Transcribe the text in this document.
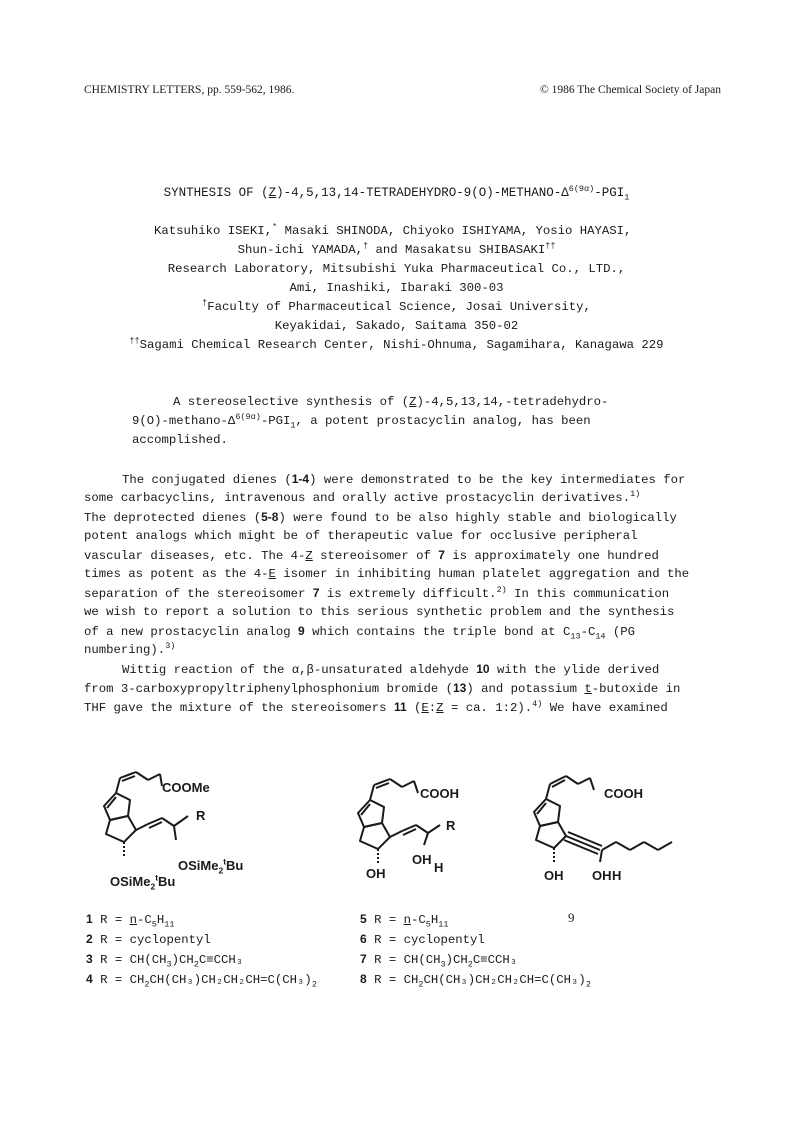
CHEMISTRY LETTERS, pp. 559-562, 1986.	© 1986 The Chemical Society of Japan
SYNTHESIS OF $(Z)-4,5,13,14-TETRADEHYDRO-9(O)-METHANO-\Delta^{6(9\alpha)}-PGI_1$
Katsuhiko ISEKI,* Masaki SHINODA, Chiyoko ISHIYAMA, Yosio HAYASI,
Shun-ichi YAMADA,† and Masakatsu SHIBASAKI††
Research Laboratory, Mitsubishi Yuka Pharmaceutical Co., LTD.,
Ami, Inashiki, Ibaraki 300-03
†Faculty of Pharmaceutical Science, Josai University,
Keyakidai, Sakado, Saitama 350-02
††Sagami Chemical Research Center, Nishi-Ohnuma, Sagamihara, Kanagawa 229
A stereoselective synthesis of (Z)-4,5,13,14,-tetradehydro-
$9(O)-methano-\Delta^{6(9\alpha)}-PGI_1$, a potent prostacyclin analog, has been
accomplished.
The conjugated dienes (1-4) were demonstrated to be the key intermediates for
some carbacyclins, intravenous and orally active prostacyclin derivatives.$^{1)}$
The deprotected dienes (5-8) were found to be also highly stable and biologically
potent analogs which might be of therapeutic value for occlusive peripheral
vascular diseases, etc. The 4-Z stereoisomer of 7 is approximately one hundred
times as potent as the 4-E isomer in inhibiting human platelet aggregation and the
separation of the stereoisomer 7 is extremely difficult.$^{2)}$ In this communication
we wish to report a solution to this serious synthetic problem and the synthesis
of a new prostacyclin analog 9 which contains the triple bond at $C_{13}-C_{14}$ (PG
numbering).$^{3)}$
Wittig reaction of the α,β-unsaturated aldehyde 10 with the ylide derived
from 3-carboxypropyltriphenylphosphonium bromide (13) and potassium t-butoxide in
THF gave the mixture of the stereoisomers 11 (E:Z = ca. 1:2).$^{4)}$ We have examined
COOMe
R
OSiMe$_2^t$Bu
OSiMe$_2^t$Bu
COOH
R
OH
H
OH
COOH
OH H
OH
9
1 $R = n-C_5H_{11}$
2 R = cyclopentyl
3 $R = CH(CH_3)CH_2C\equiv CCH_3$
4 $R = CH_2CH(CH_3)CH_2CH_2CH=C(CH_3)_2$
5 $R = n-C_5H_{11}$
6 R = cyclopentyl
7 $R = CH(CH_3)CH_2C\equiv CCH_3$
8 $R = CH_2CH(CH_3)CH_2CH_2CH=C(CH_3)_2$
